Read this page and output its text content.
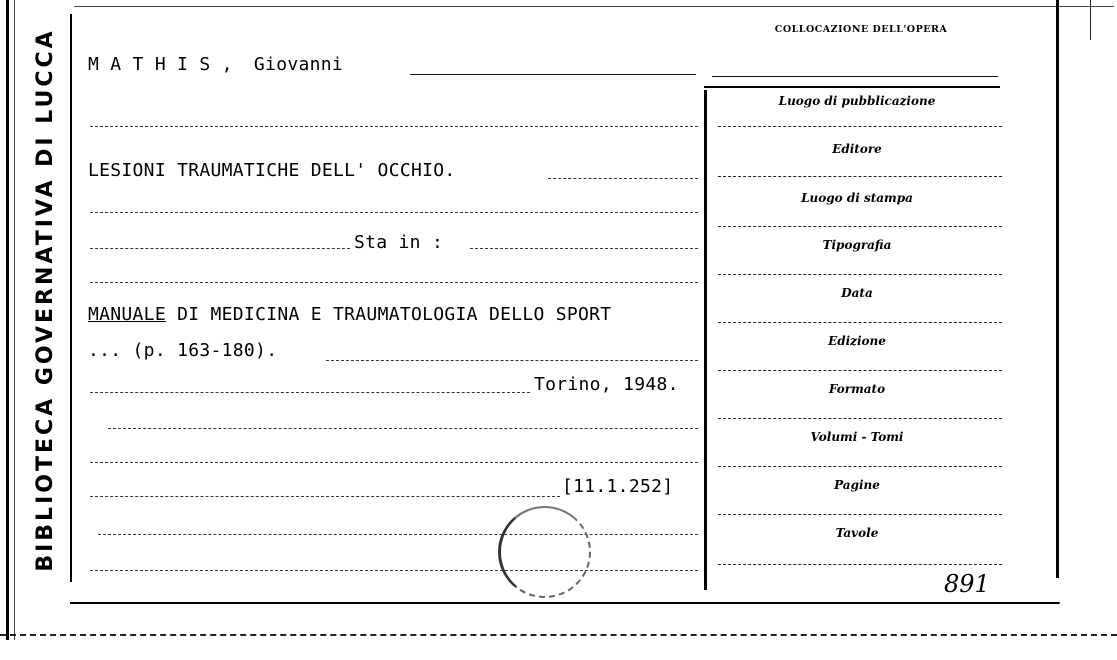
BIBLIOTECA GOVERNATIVA DI LUCCA	COLLOCAZIONE DELL'OPERA
Luogo di pubblicazione
Editore
Luogo di stampa
Tipografia
Data
Edizione
Formato
Volumi - Tomi
Pagine
Tavole
M A T H I S , Giovanni
LESIONI TRAUMATICHE DELL' OCCHIO.
Sta in :
MANUALE DI MEDICINA E TRAUMATOLOGIA DELLO SPORT
... (p. 163-180).
Torino, 1948.
[11.1.252]
891
